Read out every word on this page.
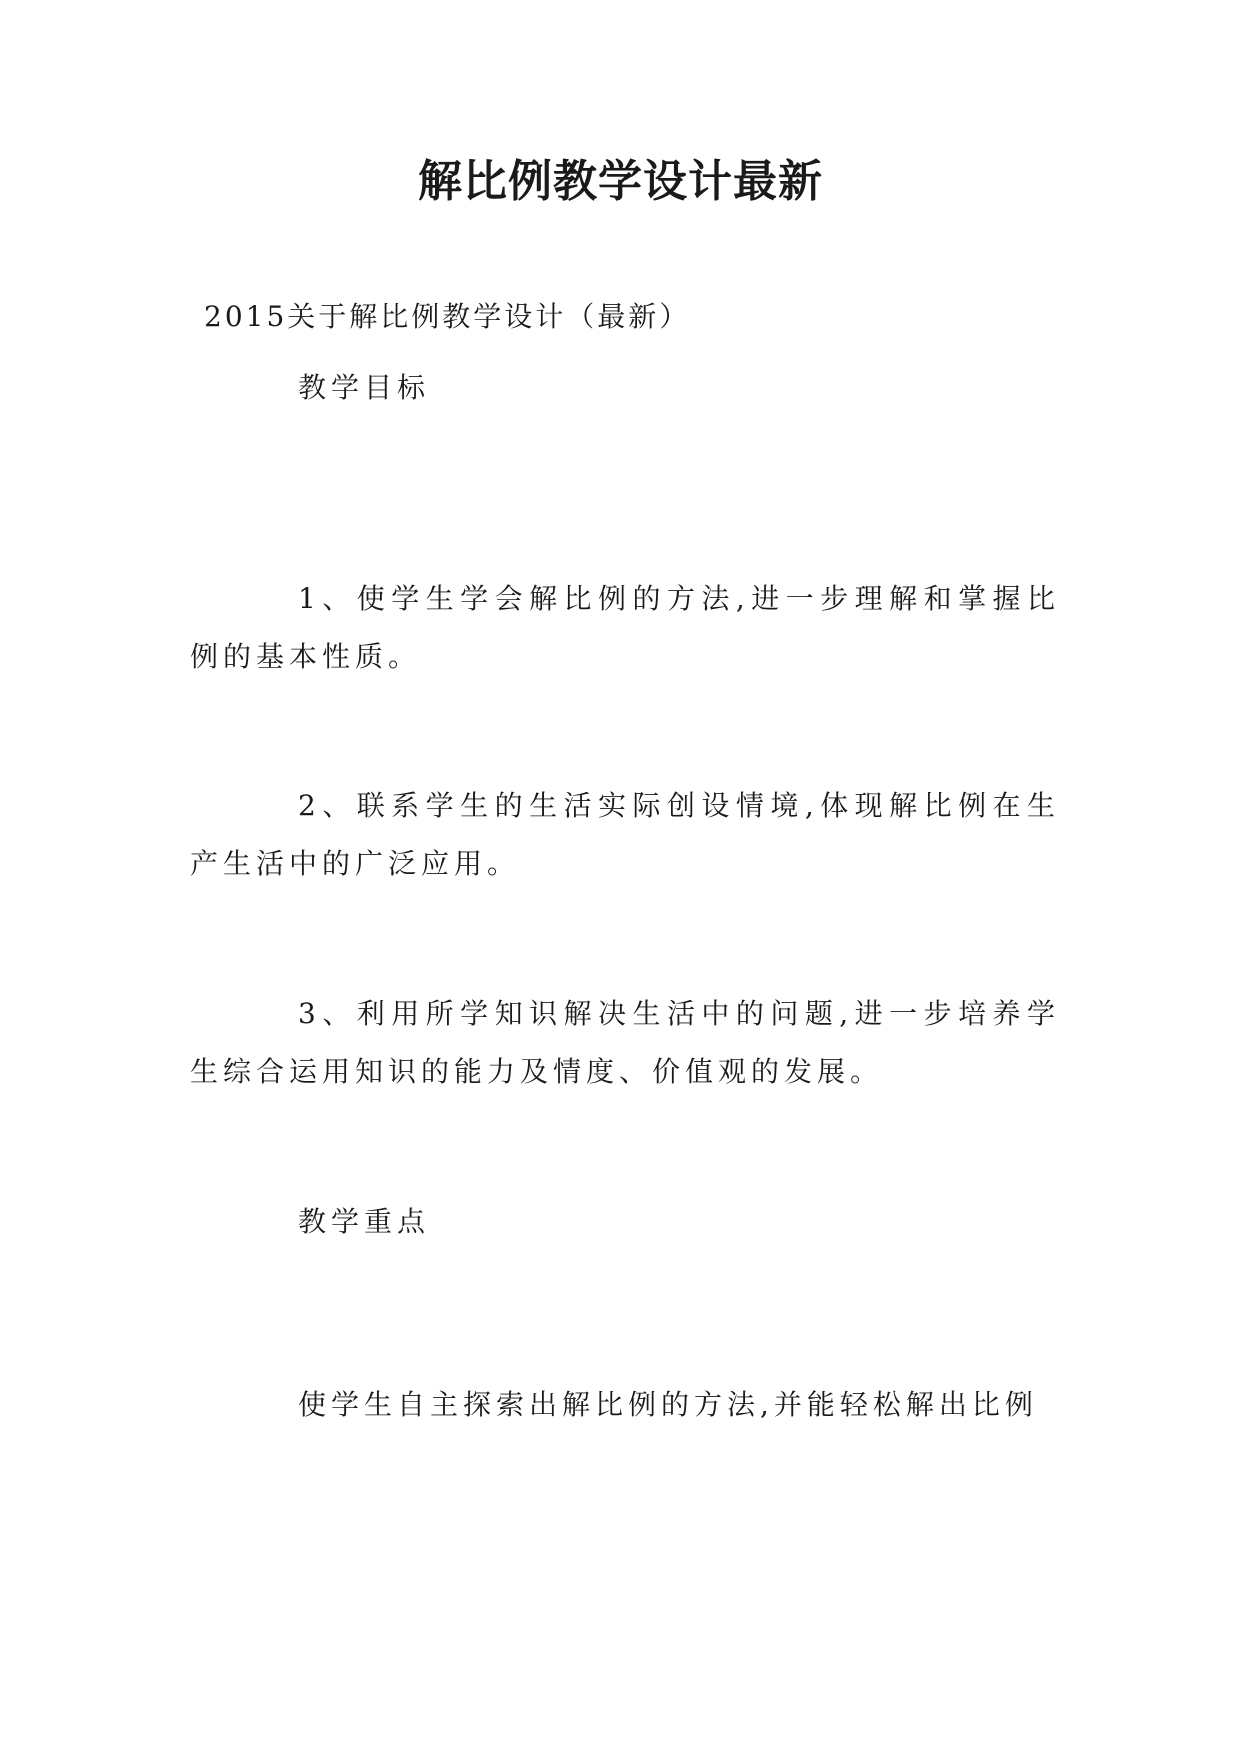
解比例教学设计最新
2015关于解比例教学设计（最新）
教学目标
1、使学生学会解比例的方法,进一步理解和掌握比例的基本性质。
2、联系学生的生活实际创设情境,体现解比例在生产生活中的广泛应用。
3、利用所学知识解决生活中的问题,进一步培养学生综合运用知识的能力及情度、价值观的发展。
教学重点
使学生自主探索出解比例的方法,并能轻松解出比例
